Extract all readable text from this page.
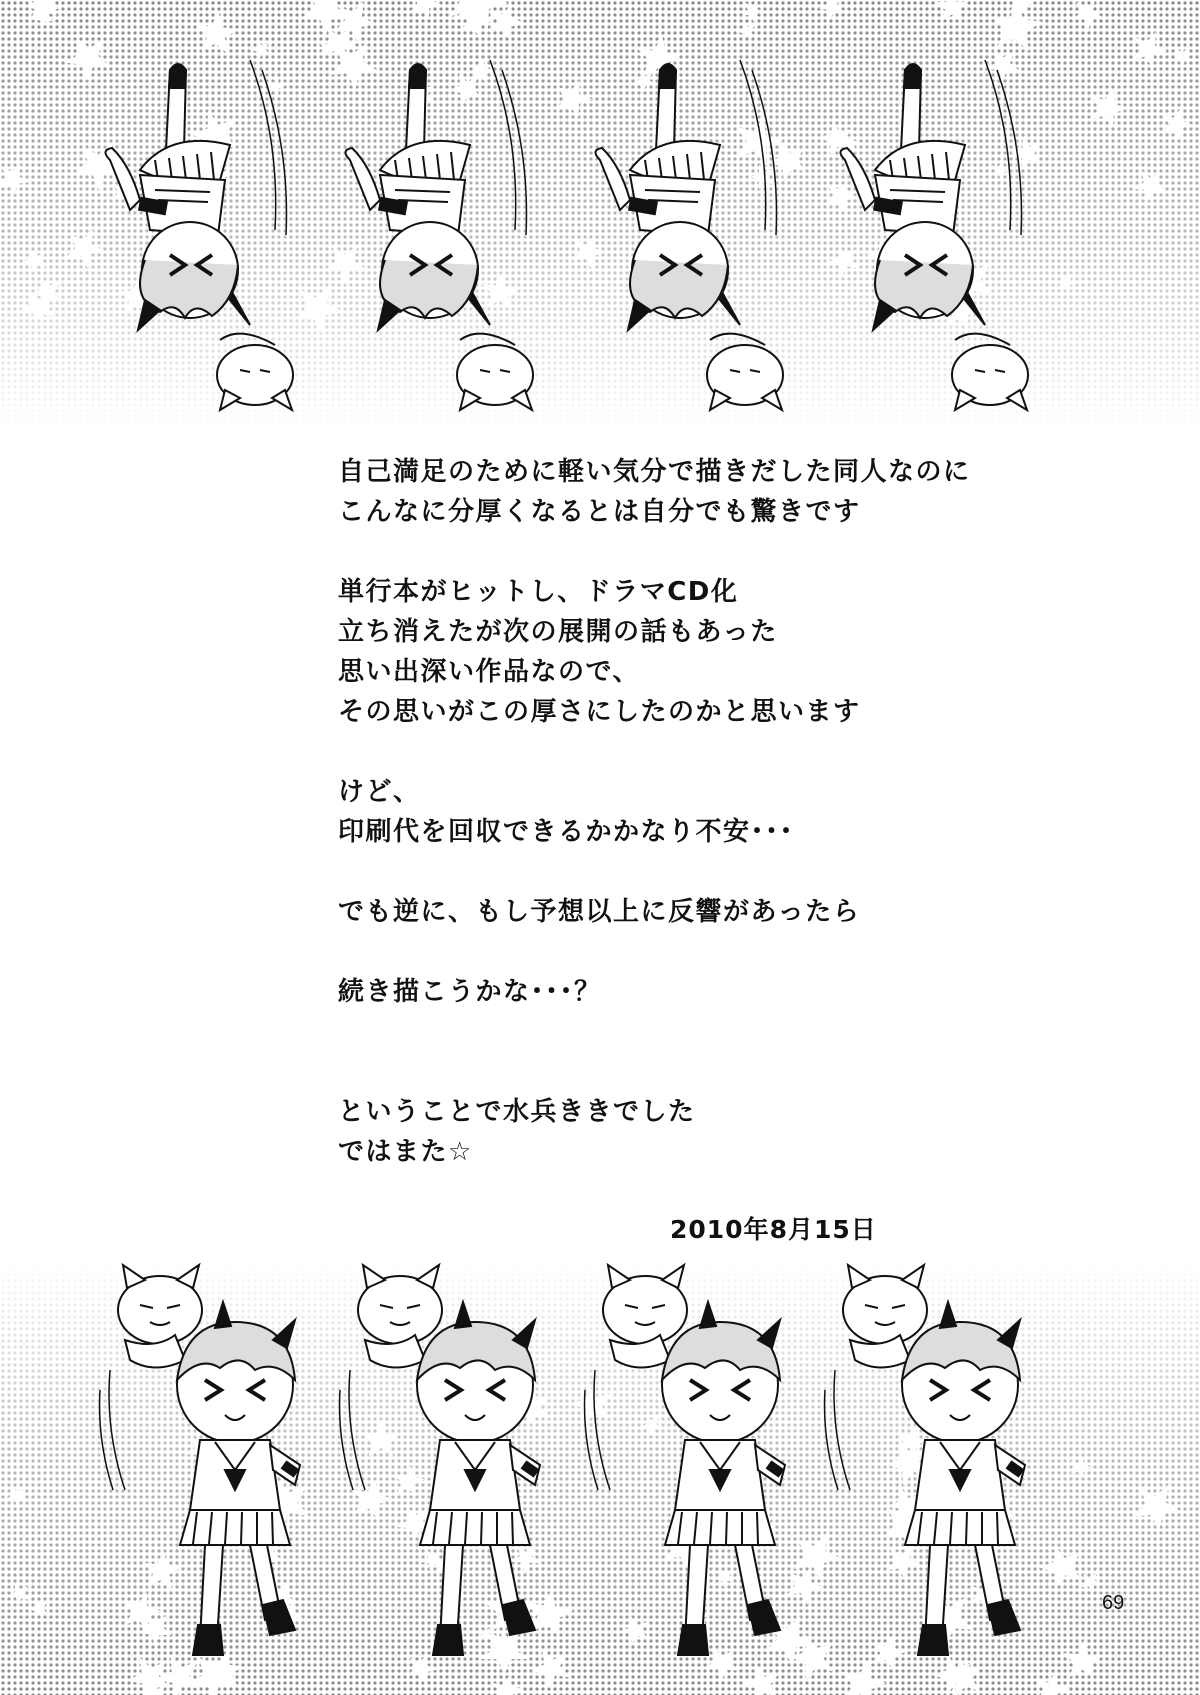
自己満足のために軽い気分で描きだした同人なのに
こんなに分厚くなるとは自分でも驚きです
単行本がヒットし、ドラマCD化
立ち消えたが次の展開の話もあった
思い出深い作品なので、
その思いがこの厚さにしたのかと思います
けど、
印刷代を回収できるかかなり不安･･･
でも逆に、もし予想以上に反響があったら
続き描こうかな･･･？
ということで水兵ききでした
ではまた☆
2010年8月15日
69
